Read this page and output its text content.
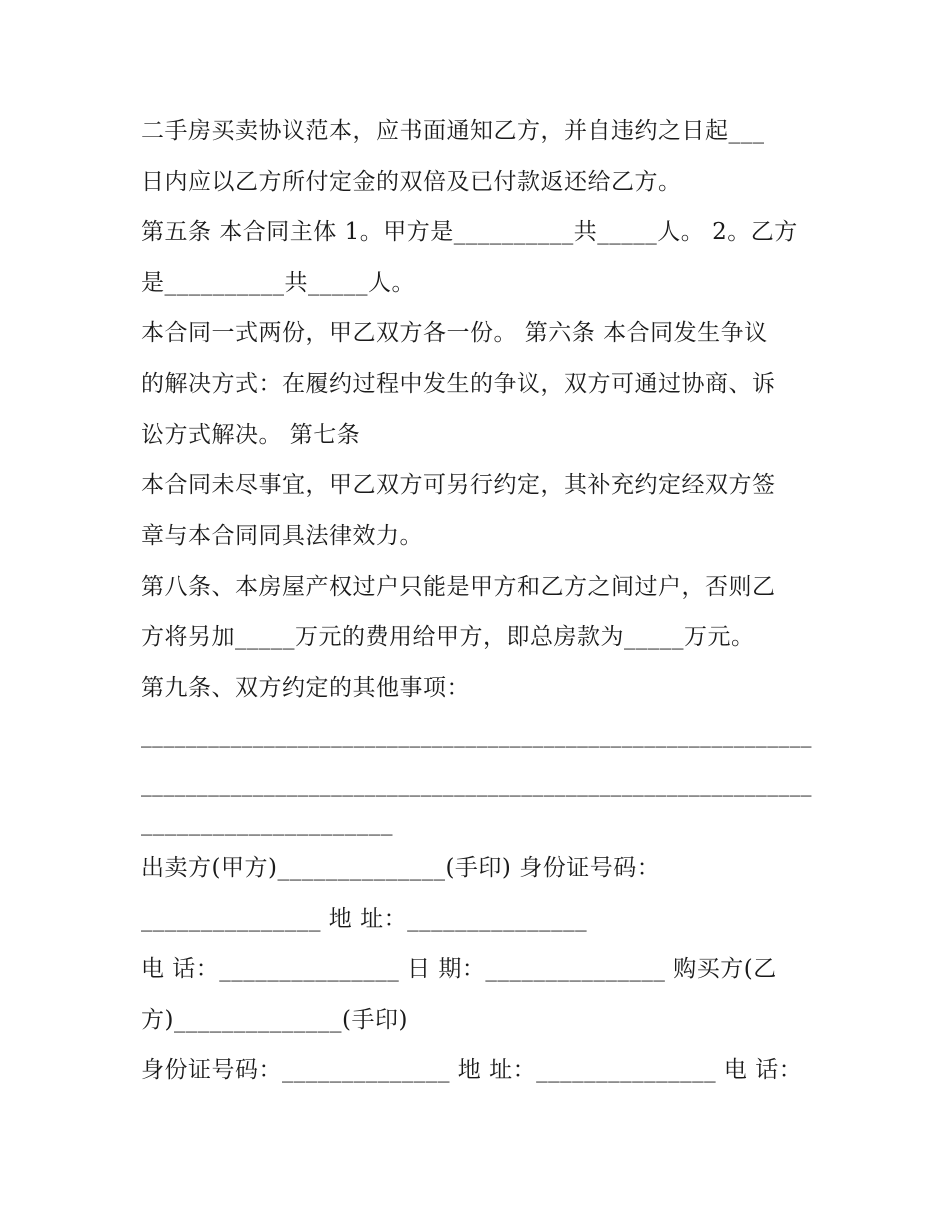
二手房买卖协议范本，应书面通知乙方，并自违约之日起___
日内应以乙方所付定金的双倍及已付款返还给乙方。
第五条 本合同主体 1。甲方是__________共_____人。 2。乙方
是__________共_____人。
本合同一式两份，甲乙双方各一份。 第六条 本合同发生争议
的解决方式：在履约过程中发生的争议，双方可通过协商、诉
讼方式解决。 第七条
本合同未尽事宜，甲乙双方可另行约定，其补充约定经双方签
章与本合同同具法律效力。
第八条、本房屋产权过户只能是甲方和乙方之间过户，否则乙
方将另加_____万元的费用给甲方，即总房款为_____万元。
第九条、双方约定的其他事项：
____________________________________________________________
____________________________________________________________
_____________________
出卖方(甲方)______________(手印) 身份证号码：
_______________ 地 址：_______________
电 话：_______________ 日 期：_______________ 购买方(乙
方)______________(手印)
身份证号码：______________ 地 址：_______________ 电 话：
